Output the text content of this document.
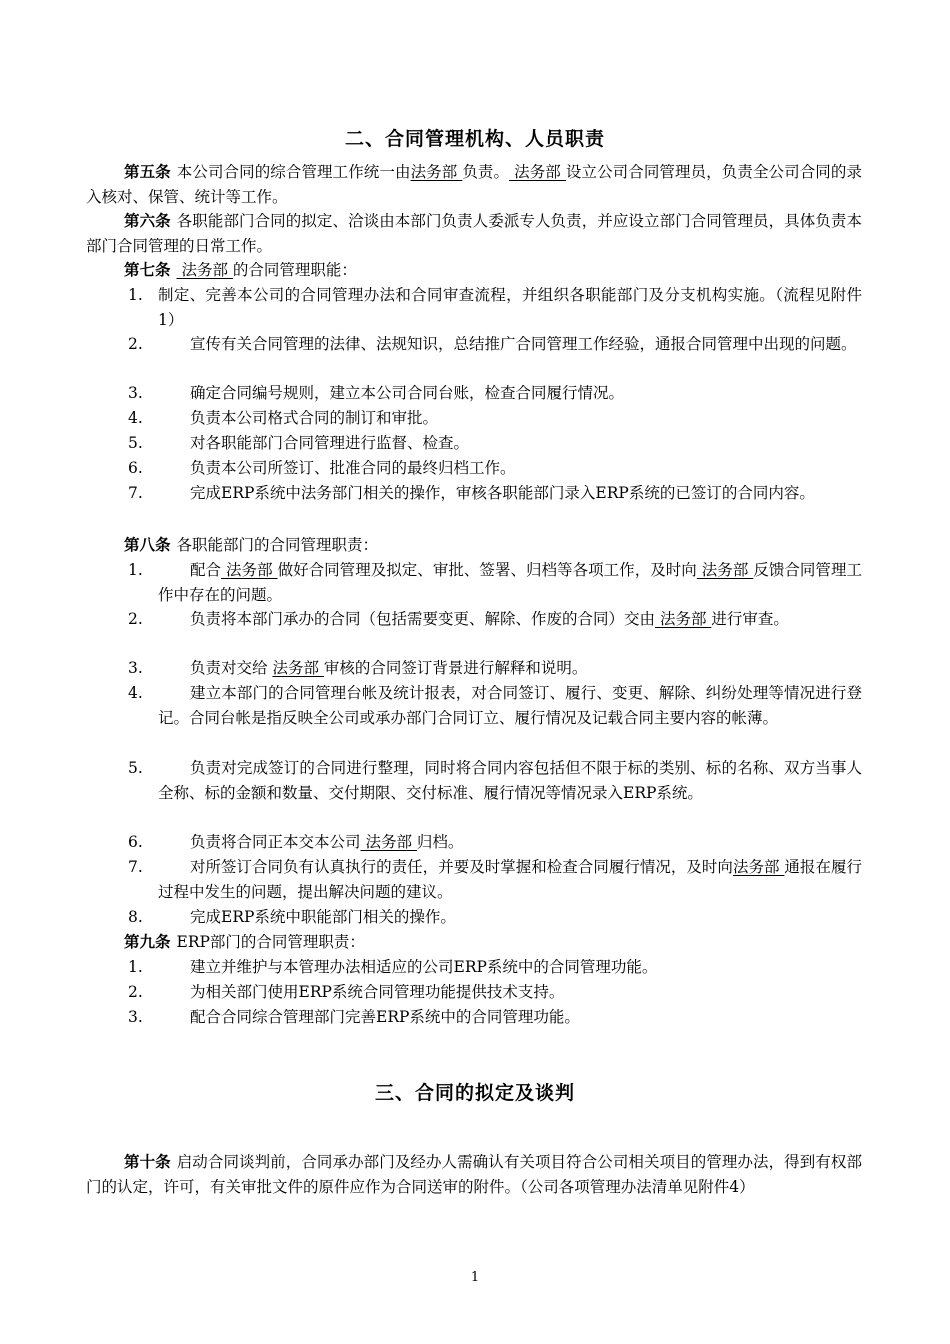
二、合同管理机构、人员职责
第五条 本公司合同的综合管理工作统一由法务部 负责。 法务部 设立公司合同管理员，负责全公司合同的录入核对、保管、统计等工作。
第六条 各职能部门合同的拟定、洽谈由本部门负责人委派专人负责，并应设立部门合同管理员，具体负责本部门合同管理的日常工作。
第七条 法务部 的合同管理职能：
1. 制定、完善本公司的合同管理办法和合同审查流程，并组织各职能部门及分支机构实施。（流程见附件1）
2.	宣传有关合同管理的法律、法规知识，总结推广合同管理工作经验，通报合同管理中出现的问题。
3.	确定合同编号规则，建立本公司合同台账，检查合同履行情况。
4.	负责本公司格式合同的制订和审批。
5.	对各职能部门合同管理进行监督、检查。
6.	负责本公司所签订、批准合同的最终归档工作。
7.	完成ERP系统中法务部门相关的操作，审核各职能部门录入ERP系统的已签订的合同内容。
第八条 各职能部门的合同管理职责：
1.	配合 法务部 做好合同管理及拟定、审批、签署、归档等各项工作，及时向 法务部 反馈合同管理工作中存在的问题。
2.	负责将本部门承办的合同（包括需要变更、解除、作废的合同）交由 法务部 进行审查。
3.	负责对交给 法务部 审核的合同签订背景进行解释和说明。
4.	建立本部门的合同管理台帐及统计报表，对合同签订、履行、变更、解除、纠纷处理等情况进行登记。合同台帐是指反映全公司或承办部门合同订立、履行情况及记载合同主要内容的帐薄。
5.	负责对完成签订的合同进行整理，同时将合同内容包括但不限于标的类别、标的名称、双方当事人全称、标的金额和数量、交付期限、交付标准、履行情况等情况录入ERP系统。
6.	负责将合同正本交本公司 法务部 归档。
7.	对所签订合同负有认真执行的责任，并要及时掌握和检查合同履行情况，及时向法务部 通报在履行过程中发生的问题，提出解决问题的建议。
8.	完成ERP系统中职能部门相关的操作。
第九条 ERP部门的合同管理职责：
1.	建立并维护与本管理办法相适应的公司ERP系统中的合同管理功能。
2.	为相关部门使用ERP系统合同管理功能提供技术支持。
3.	配合合同综合管理部门完善ERP系统中的合同管理功能。
三、合同的拟定及谈判
第十条 启动合同谈判前，合同承办部门及经办人需确认有关项目符合公司相关项目的管理办法，得到有权部门的认定，许可，有关审批文件的原件应作为合同送审的附件。（公司各项管理办法清单见附件4）
1
